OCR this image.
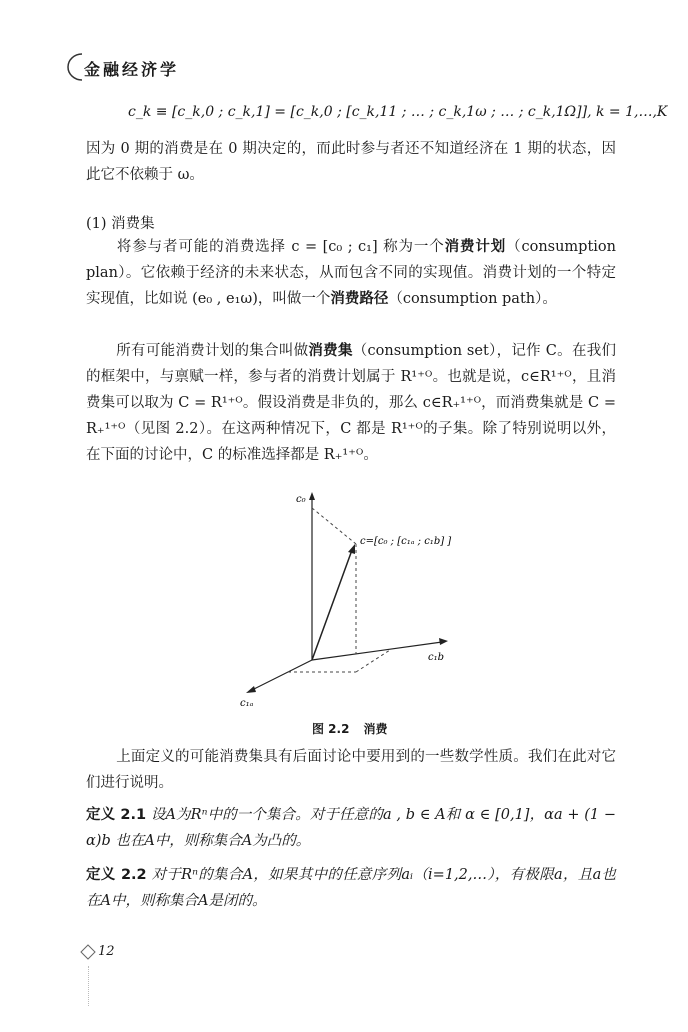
金融经济学
c_k ≡ [c_k,0 ; c_k,1] = [c_k,0 ; [c_k,11 ; … ; c_k,1ω ; … ; c_k,1Ω]], k = 1,…,K
因为 0 期的消费是在 0 期决定的，而此时参与者还不知道经济在 1 期的状态，因此它不依赖于 ω。
(1) 消费集
将参与者可能的消费选择 c = [c₀ ; c₁] 称为一个消费计划（consumption plan）。它依赖于经济的未来状态，从而包含不同的实现值。消费计划的一个特定实现值，比如说 (e₀ , e₁ω)，叫做一个消费路径（consumption path）。
所有可能消费计划的集合叫做消费集（consumption set），记作 C。在我们的框架中，与禀赋一样，参与者的消费计划属于 R¹⁺ᴼ。也就是说，c∈R¹⁺ᴼ，且消费集可以取为 C = R¹⁺ᴼ。假设消费是非负的，那么 c∈R₊¹⁺ᴼ，而消费集就是 C = R₊¹⁺ᴼ（见图 2.2）。在这两种情况下，C 都是 R¹⁺ᴼ的子集。除了特别说明以外，在下面的讨论中，C 的标准选择都是 R₊¹⁺ᴼ。
c₀
c₁b
c₁ₐ
c=[c₀ ; [c₁ₐ ; c₁b] ]
图 2.2 消费
上面定义的可能消费集具有后面讨论中要用到的一些数学性质。我们在此对它们进行说明。
定义 2.1 设A为Rⁿ中的一个集合。对于任意的a , b ∈ A和 α ∈ [0,1]，αa + (1 − α)b 也在A中，则称集合A为凸的。
定义 2.2 对于Rⁿ的集合A，如果其中的任意序列aᵢ（i=1,2,…），有极限a，且a也在A中，则称集合A是闭的。
12
